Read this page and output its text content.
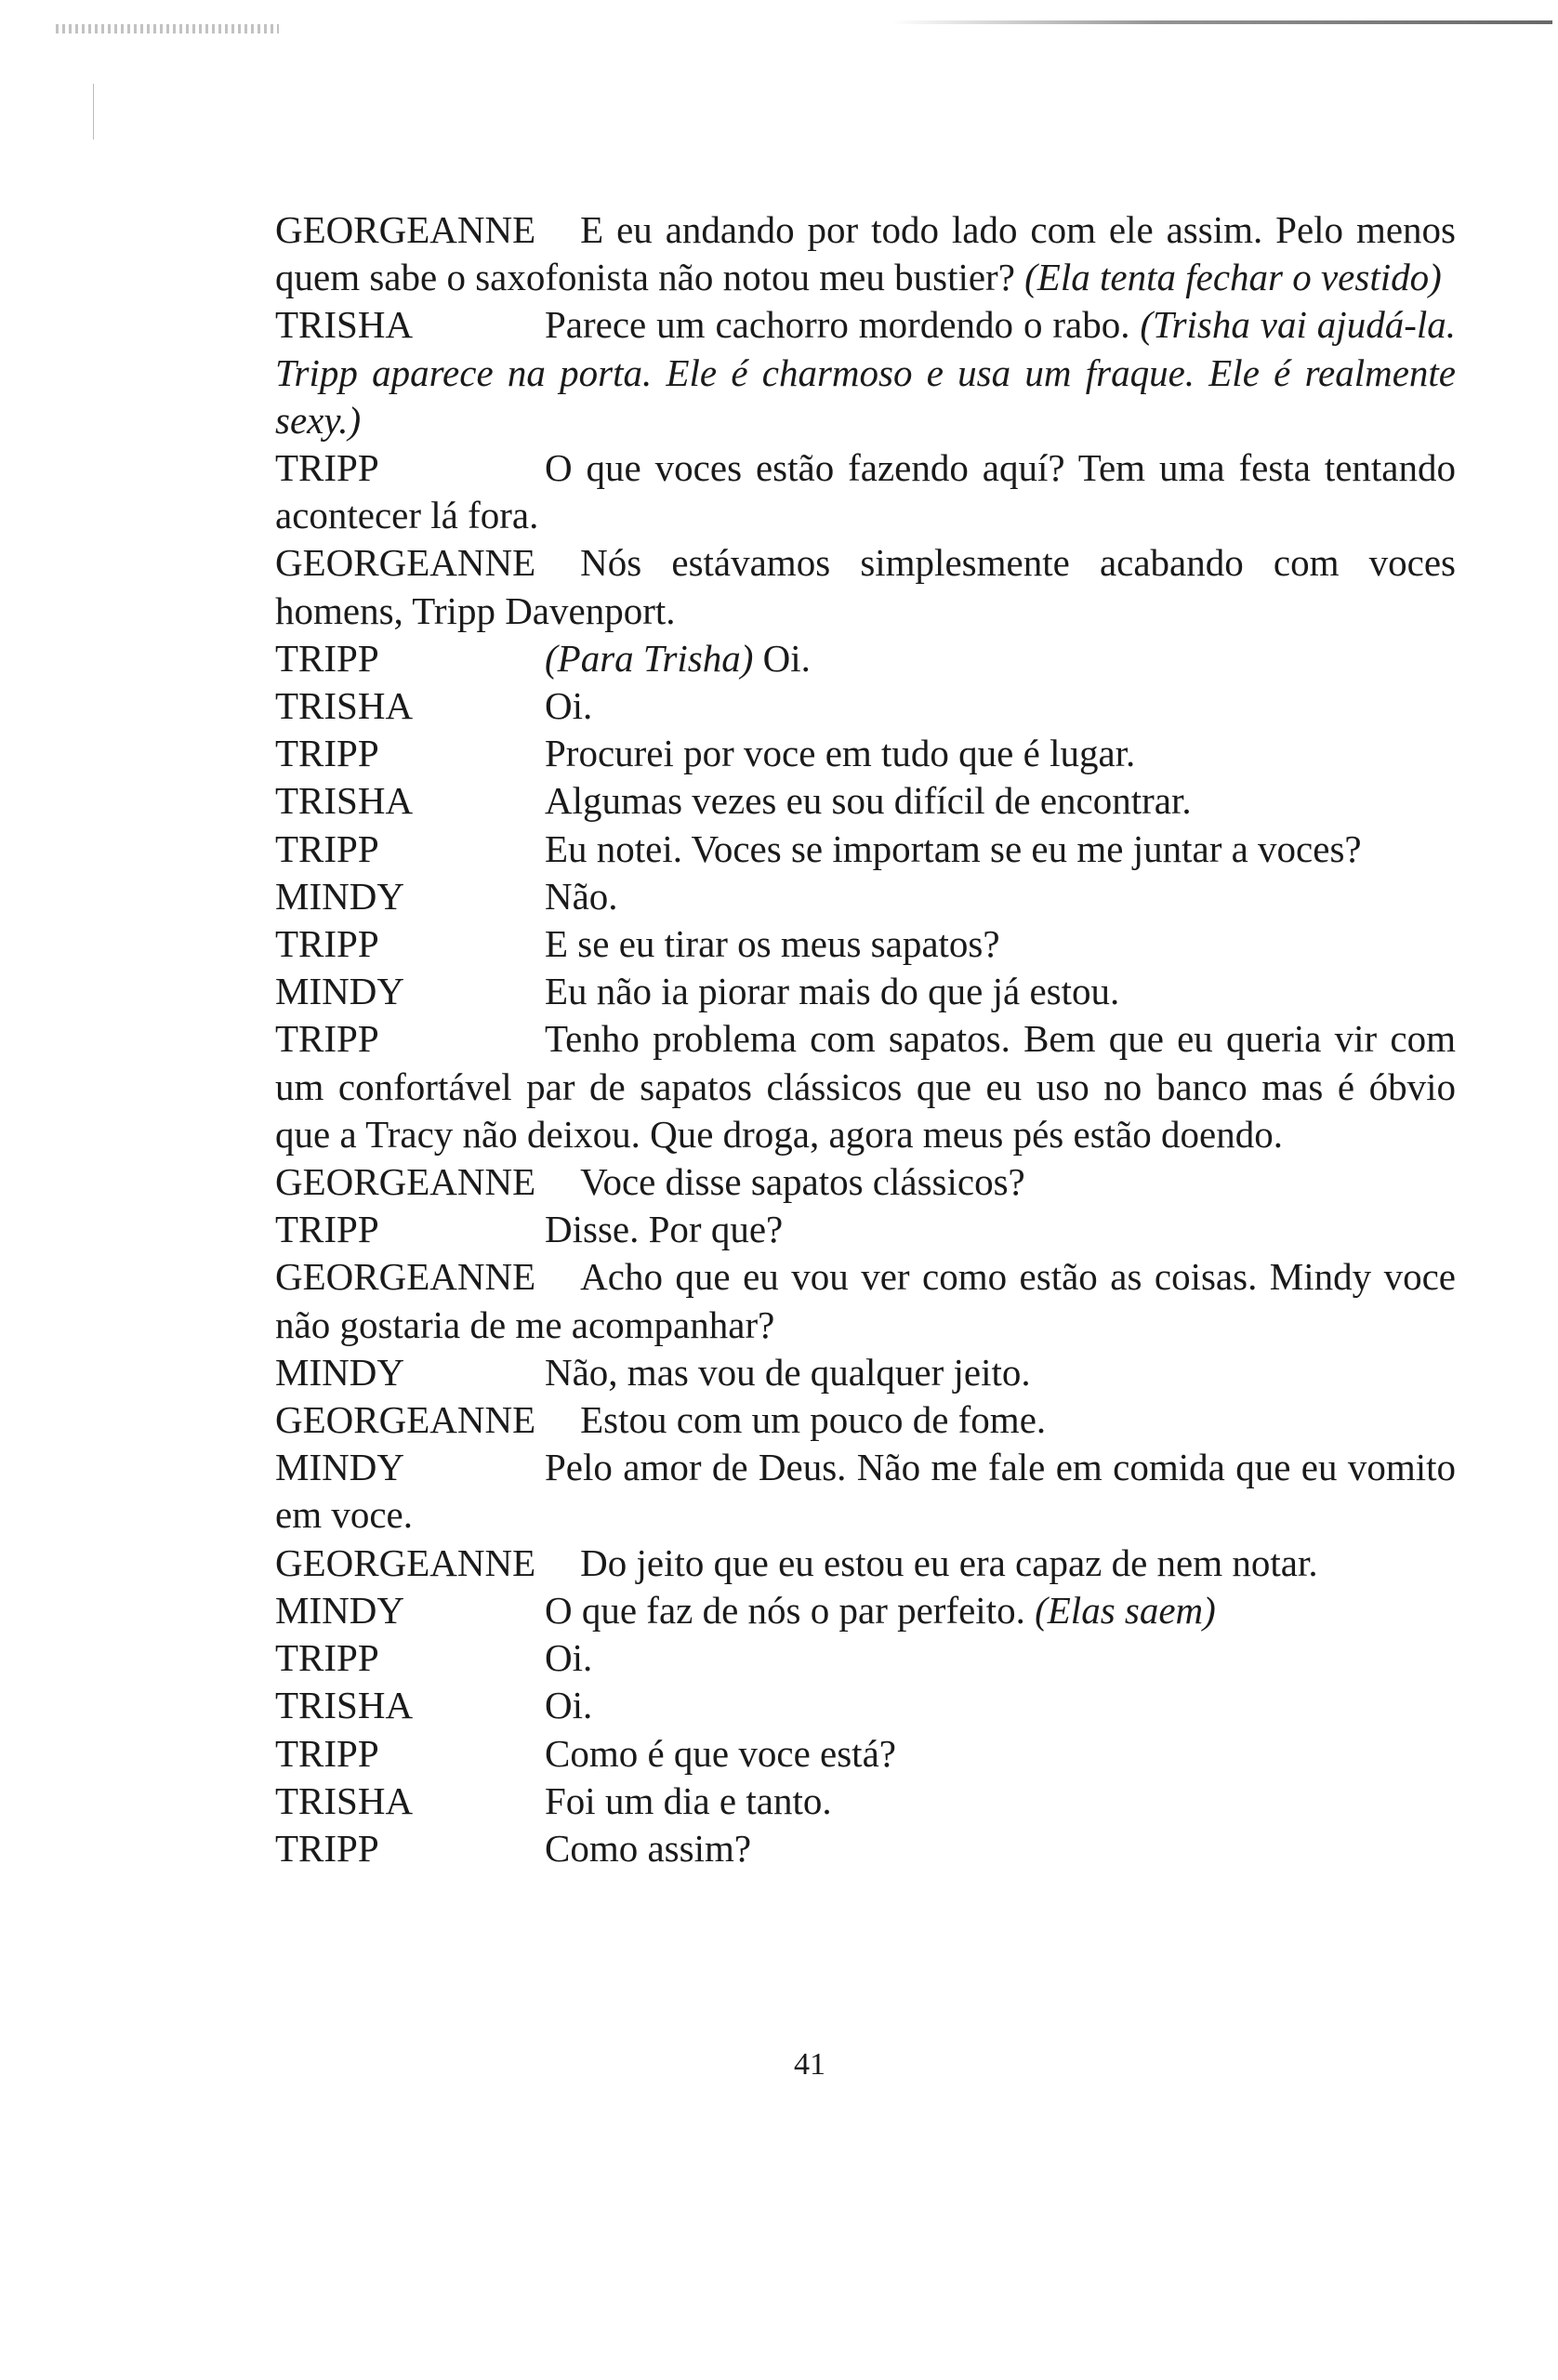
GEORGEANNE E eu andando por todo lado com ele assim. Pelo menos quem sabe o saxofonista não notou meu bustier? (Ela tenta fechar o vestido)

TRISHA	Parece um cachorro mordendo o rabo. (Trisha vai ajudá-la. Tripp aparece na porta. Ele é charmoso e usa um fraque. Ele é realmente sexy.)

TRIPP	O que voces estão fazendo aquí? Tem uma festa tentando acontecer lá fora.

GEORGEANNE Nós estávamos simplesmente acabando com voces homens, Tripp Davenport.

TRIPP	(Para Trisha) Oi.

TRISHA	Oi.

TRIPP	Procurei por voce em tudo que é lugar.

TRISHA	Algumas vezes eu sou difícil de encontrar.

TRIPP	Eu notei. Voces se importam se eu me juntar a voces?

MINDY	Não.

TRIPP	E se eu tirar os meus sapatos?

MINDY	Eu não ia piorar mais do que já estou.

TRIPP	Tenho problema com sapatos. Bem que eu queria vir com um confortável par de sapatos clássicos que eu uso no banco mas é óbvio que a Tracy não deixou. Que droga, agora meus pés estão doendo.

GEORGEANNE Voce disse sapatos clássicos?

TRIPP	Disse. Por que?

GEORGEANNE Acho que eu vou ver como estão as coisas. Mindy voce não gostaria de me acompanhar?

MINDY	Não, mas vou de qualquer jeito.

GEORGEANNE Estou com um pouco de fome.

MINDY	Pelo amor de Deus. Não me fale em comida que eu vomito em voce.

GEORGEANNE Do jeito que eu estou eu era capaz de nem notar.

MINDY	O que faz de nós o par perfeito. (Elas saem)

TRIPP	Oi.

TRISHA	Oi.

TRIPP	Como é que voce está?

TRISHA	Foi um dia e tanto.

TRIPP	Como assim?

41
